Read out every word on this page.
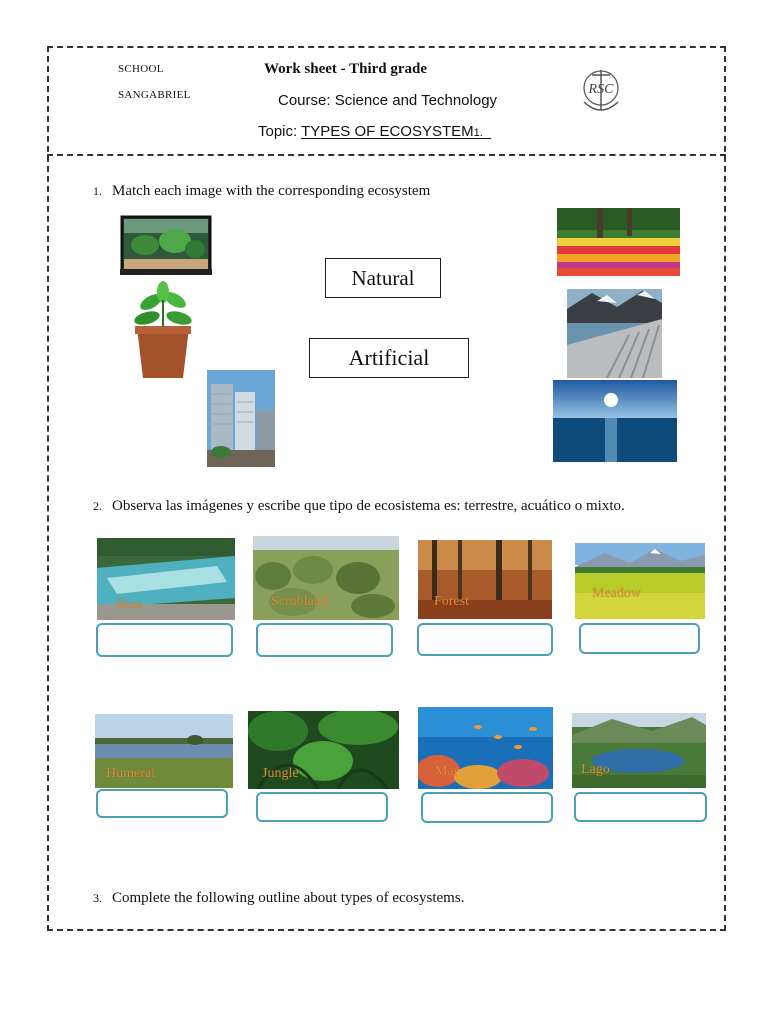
SCHOOL
SANGABRIEL
Work sheet - Third grade
Course: Science and Technology
Topic: TYPES OF ECOSYSTEM1.
RSC
1. Match each image with the corresponding ecosystem
Natural
Artificial
2. Observa las imágenes y escribe que tipo de ecosistema es: terrestre, acuático o mixto.
Rios	Scrubland	Forest
Meadow
Humeral	Jungle	Mar	Lago
3. Complete the following outline about types of ecosystems.
